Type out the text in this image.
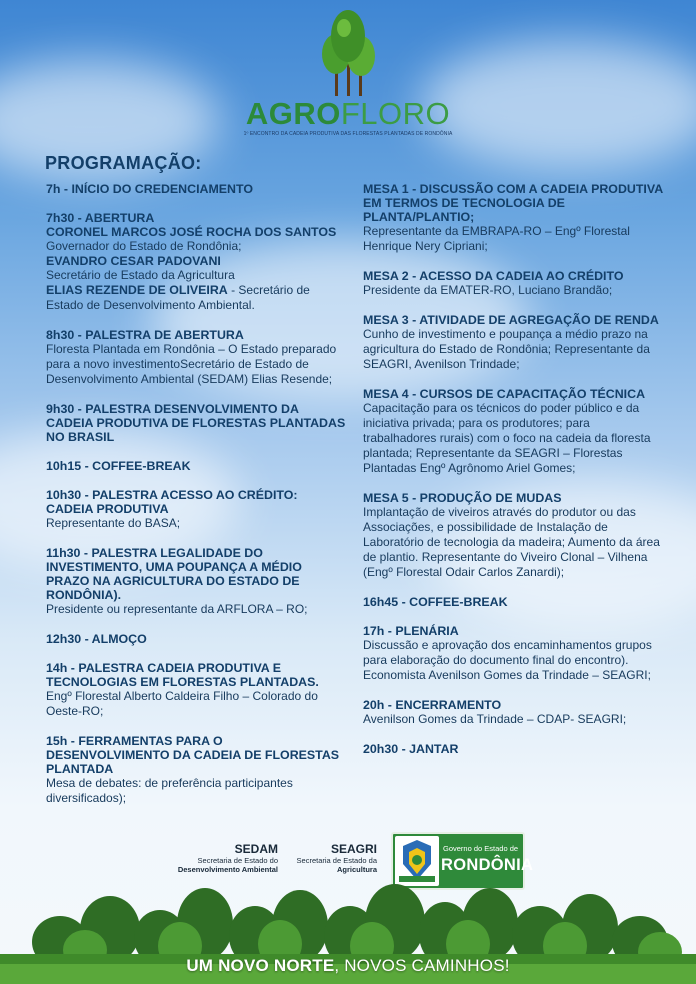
AGROFLORO
1º ENCONTRO DA CADEIA PRODUTIVA DAS FLORESTAS PLANTADAS DE RONDÔNIA
PROGRAMAÇÃO:
7h - INÍCIO DO CREDENCIAMENTO
7h30 - ABERTURA
CORONEL MARCOS JOSÉ ROCHA DOS SANTOS
Governador do Estado de Rondônia;
EVANDRO CESAR PADOVANI
Secretário de Estado da Agricultura
ELIAS REZENDE DE OLIVEIRA - Secretário de Estado de Desenvolvimento Ambiental.
8h30 - PALESTRA DE ABERTURA
Floresta Plantada em Rondônia – O Estado preparado para a novo investimentoSecretário de Estado de Desenvolvimento Ambiental (SEDAM) Elias Resende;
9h30 - PALESTRA DESENVOLVIMENTO DA CADEIA PRODUTIVA DE FLORESTAS PLANTADAS NO BRASIL
10h15 - COFFEE-BREAK
10h30 - PALESTRA ACESSO AO CRÉDITO: CADEIA PRODUTIVA
Representante do BASA;
11h30 - PALESTRA LEGALIDADE DO INVESTIMENTO, UMA POUPANÇA A MÉDIO PRAZO NA AGRICULTURA DO ESTADO DE RONDÔNIA).
Presidente ou representante da ARFLORA – RO;
12h30 - ALMOÇO
14h - PALESTRA CADEIA PRODUTIVA E TECNOLOGIAS EM FLORESTAS PLANTADAS.
Engº Florestal Alberto Caldeira Filho – Colorado do Oeste-RO;
15h - FERRAMENTAS PARA O DESENVOLVIMENTO DA CADEIA DE FLORESTAS PLANTADA
Mesa de debates: de preferência participantes diversificados);
MESA 1 - DISCUSSÃO COM A CADEIA PRODUTIVA EM TERMOS DE TECNOLOGIA DE PLANTA/PLANTIO;
Representante da EMBRAPA-RO – Engº Florestal Henrique Nery Cipriani;
MESA 2 - ACESSO DA CADEIA AO CRÉDITO
Presidente da EMATER-RO, Luciano Brandão;
MESA 3 - ATIVIDADE DE AGREGAÇÃO DE RENDA
Cunho de investimento e poupança a médio prazo na agricultura do Estado de Rondônia; Representante da SEAGRI, Avenilson Trindade;
MESA 4 - CURSOS DE CAPACITAÇÃO TÉCNICA
Capacitação para os técnicos do poder público e da iniciativa privada; para os produtores; para trabalhadores rurais) com o foco na cadeia da floresta plantada; Representante da SEAGRI – Florestas Plantadas Engº Agrônomo Ariel Gomes;
MESA 5 - PRODUÇÃO DE MUDAS
Implantação de viveiros através do produtor ou das Associações, e possibilidade de Instalação de Laboratório de tecnologia da madeira; Aumento da área de plantio. Representante do Viveiro Clonal – Vilhena (Engº Florestal Odair Carlos Zanardi);
16h45 - COFFEE-BREAK
17h - PLENÁRIA
Discussão e aprovação dos encaminhamentos grupos para elaboração do documento final do encontro). Economista Avenilson Gomes da Trindade – SEAGRI;
20h - ENCERRAMENTO
Avenilson Gomes da Trindade – CDAP- SEAGRI;
20h30 - JANTAR
SEDAM
Secretaria de Estado do
Desenvolvimento Ambiental
SEAGRI
Secretaria de Estado da
Agricultura
Governo do Estado de
RONDÔNIA
UM NOVO NORTE, NOVOS CAMINHOS!
